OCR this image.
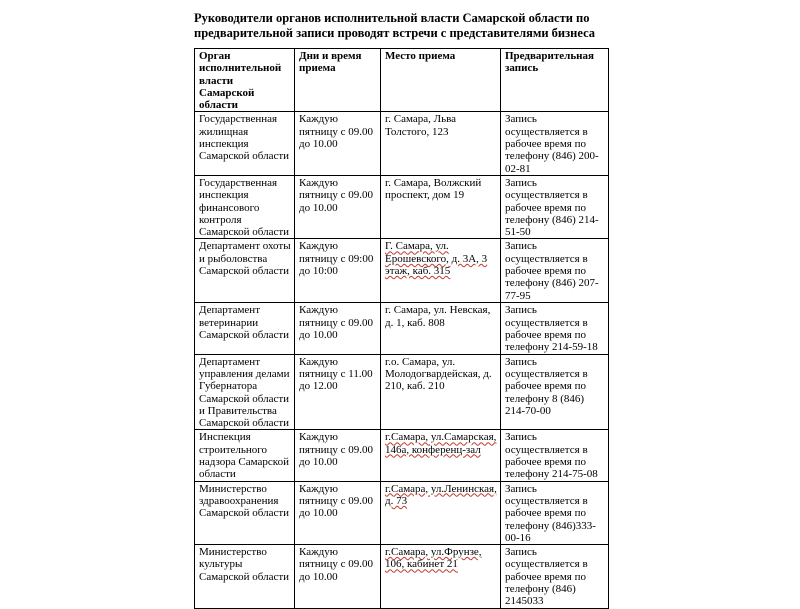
Руководители органов исполнительной власти Самарской области по предварительной записи проводят встречи с представителями бизнеса
Орган исполнительной власти Самарской области	Дни и время приема	Место приема	Предварительная запись
Государственная жилищная инспекция Самарской области	Каждую пятницу с 09.00 до 10.00	г. Самара, Льва Толстого, 123	Запись осуществляется в рабочее время по телефону (846) 200-02-81
Государственная инспекция финансового контроля Самарской области	Каждую пятницу с 09.00 до 10.00	г. Самара, Волжский проспект, дом 19	Запись осуществляется в рабочее время по телефону (846) 214-51-50
Департамент охоты и рыболовства Самарской области	Каждую пятницу с 09:00 до 10:00	Г. Самара, ул. Ерошевского, д. 3А, 3 этаж, каб. 315	Запись осуществляется в рабочее время по телефону (846) 207-77-95
Департамент ветеринарии Самарской области	Каждую пятницу с 09.00 до 10.00	г. Самара, ул. Невская, д. 1, каб. 808	Запись осуществляется в рабочее время по телефону 214-59-18
Департамент управления делами Губернатора Самарской области и Правительства Самарской области	Каждую пятницу с 11.00 до 12.00	г.о. Самара, ул. Молодогвардейская, д. 210, каб. 210	Запись осуществляется в рабочее время по телефону 8 (846) 214-70-00
Инспекция строительного надзора Самарской области	Каждую пятницу с 09.00 до 10.00	г.Самара, ул.Самарская, 146а, конференц-зал	Запись осуществляется в рабочее время по телефону 214-75-08
Министерство здравоохранения Самарской области	Каждую пятницу с 09.00 до 10.00	г.Самара, ул.Ленинская, д. 73	Запись осуществляется в рабочее время по телефону (846)333-00-16
Министерство культуры Самарской области	Каждую пятницу с 09.00 до 10.00	г.Самара, ул.Фрунзе, 106, кабинет 21	Запись осуществляется в рабочее время по телефону (846) 2145033
